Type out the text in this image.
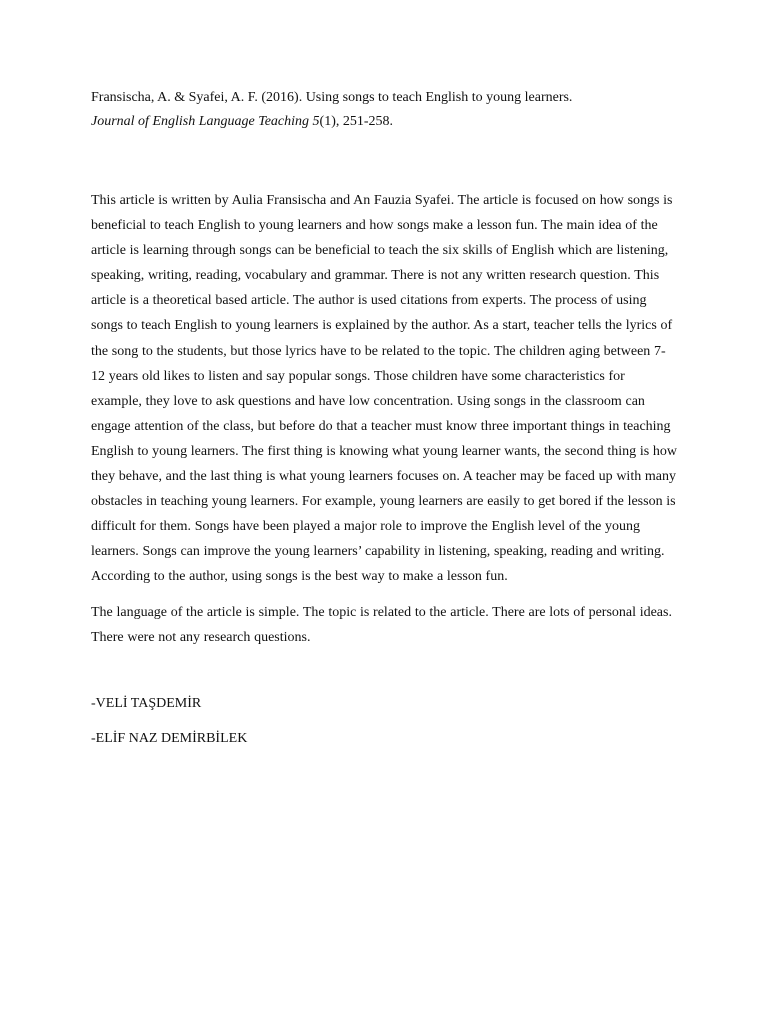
Fransischa, A. & Syafei, A. F. (2016). Using songs to teach English to young learners.

Journal of English Language Teaching 5(1), 251-258.

This article is written by Aulia Fransischa and An Fauzia Syafei. The article is focused on how songs is beneficial to teach English to young learners and how songs make a lesson fun. The main idea of the article is learning through songs can be beneficial to teach the six skills of English which are listening, speaking, writing, reading, vocabulary and grammar. There is not any written research question. This article is a theoretical based article. The author is used citations from experts. The process of using songs to teach English to young learners is explained by the author. As a start, teacher tells the lyrics of the song to the students, but those lyrics have to be related to the topic. The children aging between 7-12 years old likes to listen and say popular songs. Those children have some characteristics for example, they love to ask questions and have low concentration. Using songs in the classroom can engage attention of the class, but before do that a teacher must know three important things in teaching English to young learners. The first thing is knowing what young learner wants, the second thing is how they behave, and the last thing is what young learners focuses on. A teacher may be faced up with many obstacles in teaching young learners. For example, young learners are easily to get bored if the lesson is difficult for them. Songs have been played a major role to improve the English level of the young learners. Songs can improve the young learners’ capability in listening, speaking, reading and writing. According to the author, using songs is the best way to make a lesson fun.

The language of the article is simple. The topic is related to the article. There are lots of personal ideas. There were not any research questions.

-VELİ TAŞDEMİR

-ELİF NAZ DEMİRBİLEK
